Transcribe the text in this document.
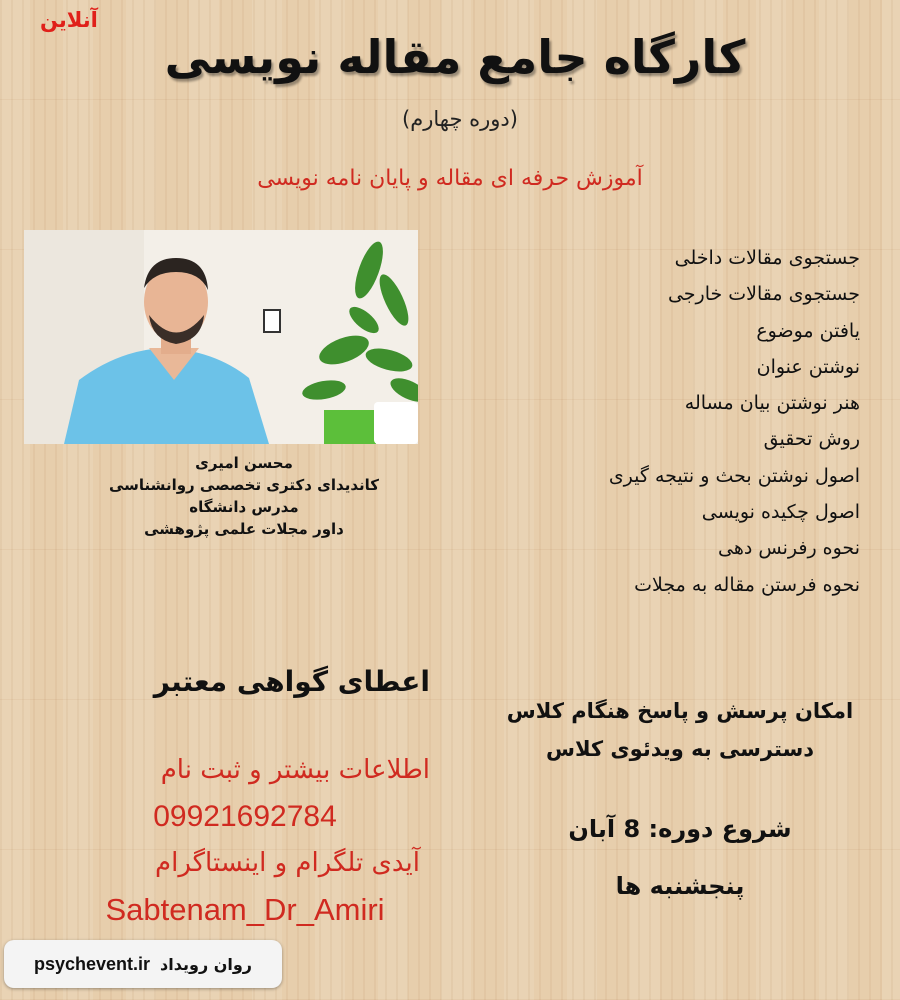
آنلاین
کارگاه جامع مقاله نویسی
(دوره چهارم)
آموزش حرفه ای مقاله و پایان نامه نویسی
محسن امیری
کاندیدای دکتری تخصصی روانشناسی
مدرس دانشگاه
داور مجلات علمی پژوهشی
جستجوی مقالات داخلی
جستجوی مقالات خارجی
یافتن موضوع
نوشتن عنوان
هنر نوشتن بیان مساله
روش تحقیق
اصول نوشتن بحث و نتیجه گیری
اصول چکیده نویسی
نحوه رفرنس دهی
نحوه فرستن مقاله به مجلات
اعطای گواهی معتبر
اطلاعات بیشتر و ثبت نام
09921692784
آیدی تلگرام و اینستاگرام
Sabtenam_Dr_Amiri
امکان پرسش و پاسخ هنگام کلاس
دسترسی به ویدئوی کلاس
شروع دوره: 8 آبان
پنجشنبه ها
psychevent.ir روان رویداد
